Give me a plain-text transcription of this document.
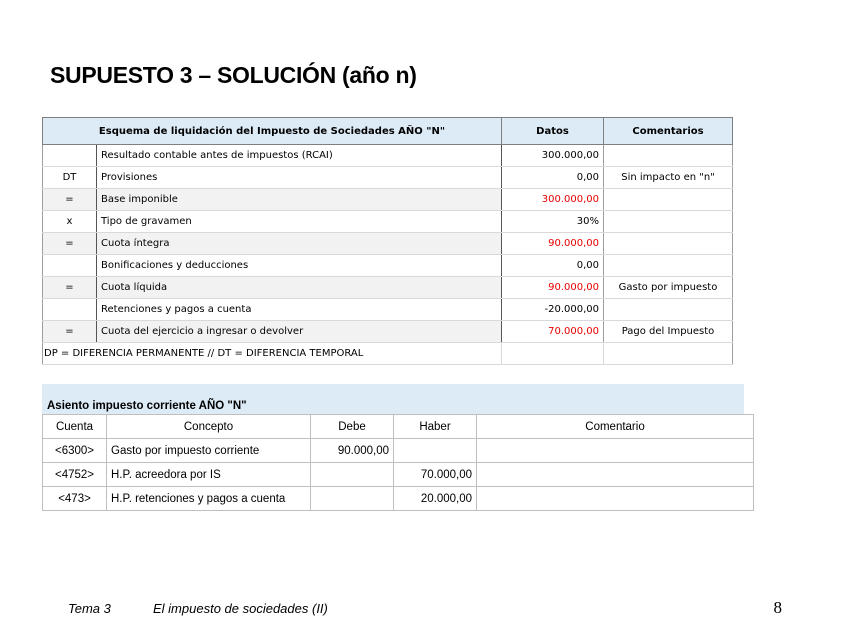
SUPUESTO 3 – SOLUCIÓN (año n)
Esquema de liquidación del Impuesto de Sociedades AÑO "N"		Datos	Comentarios
	Resultado contable antes de impuestos (RCAI)	300.000,00	
DT	Provisiones	0,00	Sin impacto en "n"
=	Base imponible	300.000,00	
x	Tipo de gravamen	30%	
=	Cuota íntegra	90.000,00	
	Bonificaciones y deducciones	0,00	
=	Cuota líquida	90.000,00	Gasto por impuesto
	Retenciones y pagos a cuenta	-20.000,00	
=	Cuota del ejercicio a ingresar o devolver	70.000,00	Pago del Impuesto
DP = DIFERENCIA PERMANENTE // DT = DIFERENCIA TEMPORAL			
Asiento impuesto corriente AÑO "N"
Cuenta	Concepto	Debe	Haber	Comentario
<6300>	Gasto por impuesto corriente	90.000,00		
<4752>	H.P. acreedora por IS		70.000,00	
<473>	H.P. retenciones y pagos a cuenta		20.000,00	
Tema 3	El impuesto de sociedades (II)	8
